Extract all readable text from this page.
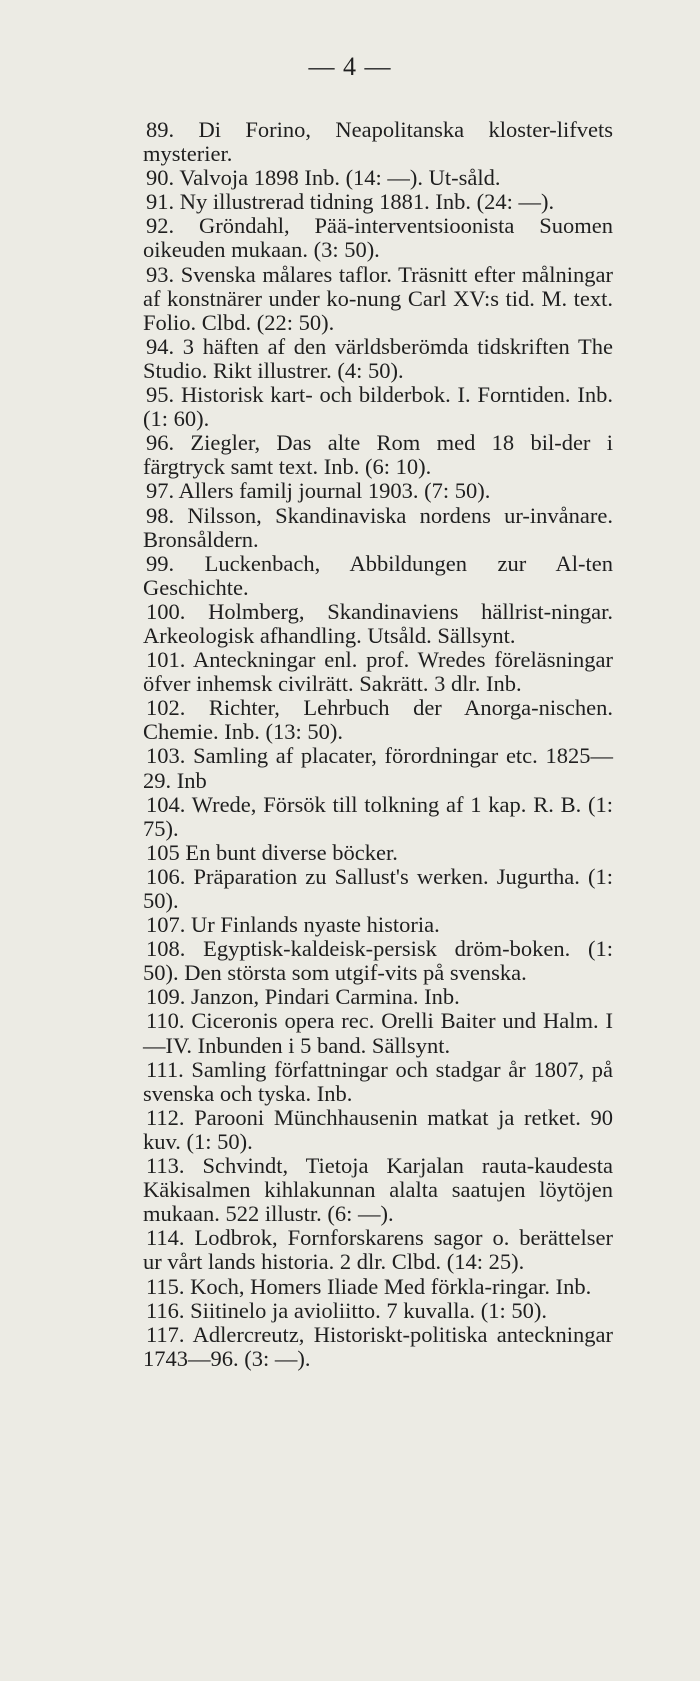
— 4 —

89. Di Forino, Neapolitanska kloster-lifvets mysterier.

90. Valvoja 1898 Inb. (14: —). Ut-såld.

91. Ny illustrerad tidning 1881. Inb. (24: —).

92. Gröndahl, Pää-interventsioonista Suomen oikeuden mukaan. (3: 50).

93. Svenska målares taflor. Träsnitt efter målningar af konstnärer under ko-nung Carl XV:s tid. M. text. Folio. Clbd. (22: 50).

94. 3 häften af den världsberömda tidskriften The Studio. Rikt illustrer. (4: 50).

95. Historisk kart- och bilderbok. I. Forntiden. Inb. (1: 60).

96. Ziegler, Das alte Rom med 18 bil-der i färgtryck samt text. Inb. (6: 10).

97. Allers familj journal 1903. (7: 50).

98. Nilsson, Skandinaviska nordens ur-invånare. Bronsåldern.

99. Luckenbach, Abbildungen zur Al-ten Geschichte.

100. Holmberg, Skandinaviens hällrist-ningar. Arkeologisk afhandling. Utsåld. Sällsynt.

101. Anteckningar enl. prof. Wredes föreläsningar öfver inhemsk civilrätt. Sakrätt. 3 dlr. Inb.

102. Richter, Lehrbuch der Anorga-nischen. Chemie. Inb. (13: 50).

103. Samling af placater, förordningar etc. 1825—29. Inb

104. Wrede, Försök till tolkning af 1 kap. R. B. (1: 75).

105 En bunt diverse böcker.

106. Präparation zu Sallust's werken. Jugurtha. (1: 50).

107. Ur Finlands nyaste historia.

108. Egyptisk-kaldeisk-persisk dröm-boken. (1: 50). Den största som utgif-vits på svenska.

109. Janzon, Pindari Carmina. Inb.

110. Ciceronis opera rec. Orelli Baiter und Halm. I—IV. Inbunden i 5 band. Sällsynt.

111. Samling författningar och stadgar år 1807, på svenska och tyska. Inb.

112. Parooni Münchhausenin matkat ja retket. 90 kuv. (1: 50).

113. Schvindt, Tietoja Karjalan rauta-kaudesta Käkisalmen kihlakunnan alalta saatujen löytöjen mukaan. 522 illustr. (6: —).

114. Lodbrok, Fornforskarens sagor o. berättelser ur vårt lands historia. 2 dlr. Clbd. (14: 25).

115. Koch, Homers Iliade Med förkla-ringar. Inb.

116. Siitinelo ja avioliitto. 7 kuvalla. (1: 50).

117. Adlercreutz, Historiskt-politiska anteckningar 1743—96. (3: —).
